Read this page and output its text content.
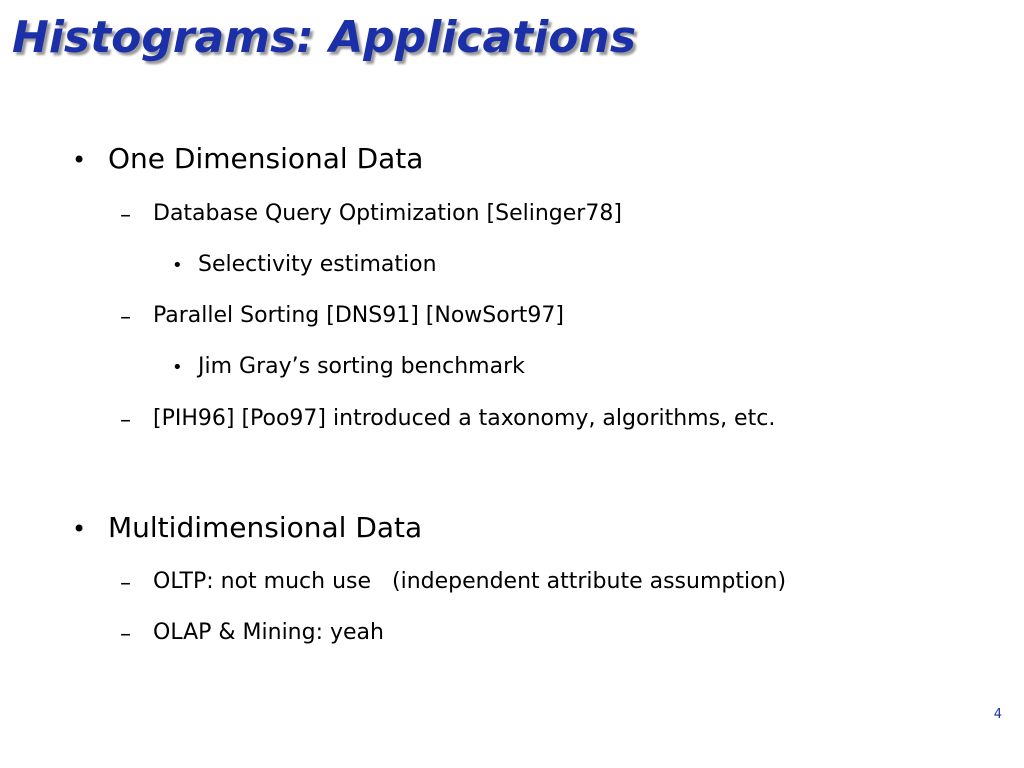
Histograms: Applications
• One Dimensional Data
– Database Query Optimization [Selinger78]
• Selectivity estimation
– Parallel Sorting [DNS91] [NowSort97]
• Jim Gray’s sorting benchmark
– [PIH96] [Poo97] introduced a taxonomy, algorithms, etc.
• Multidimensional Data
– OLTP: not much use   (independent attribute assumption)
– OLAP & Mining: yeah
4
